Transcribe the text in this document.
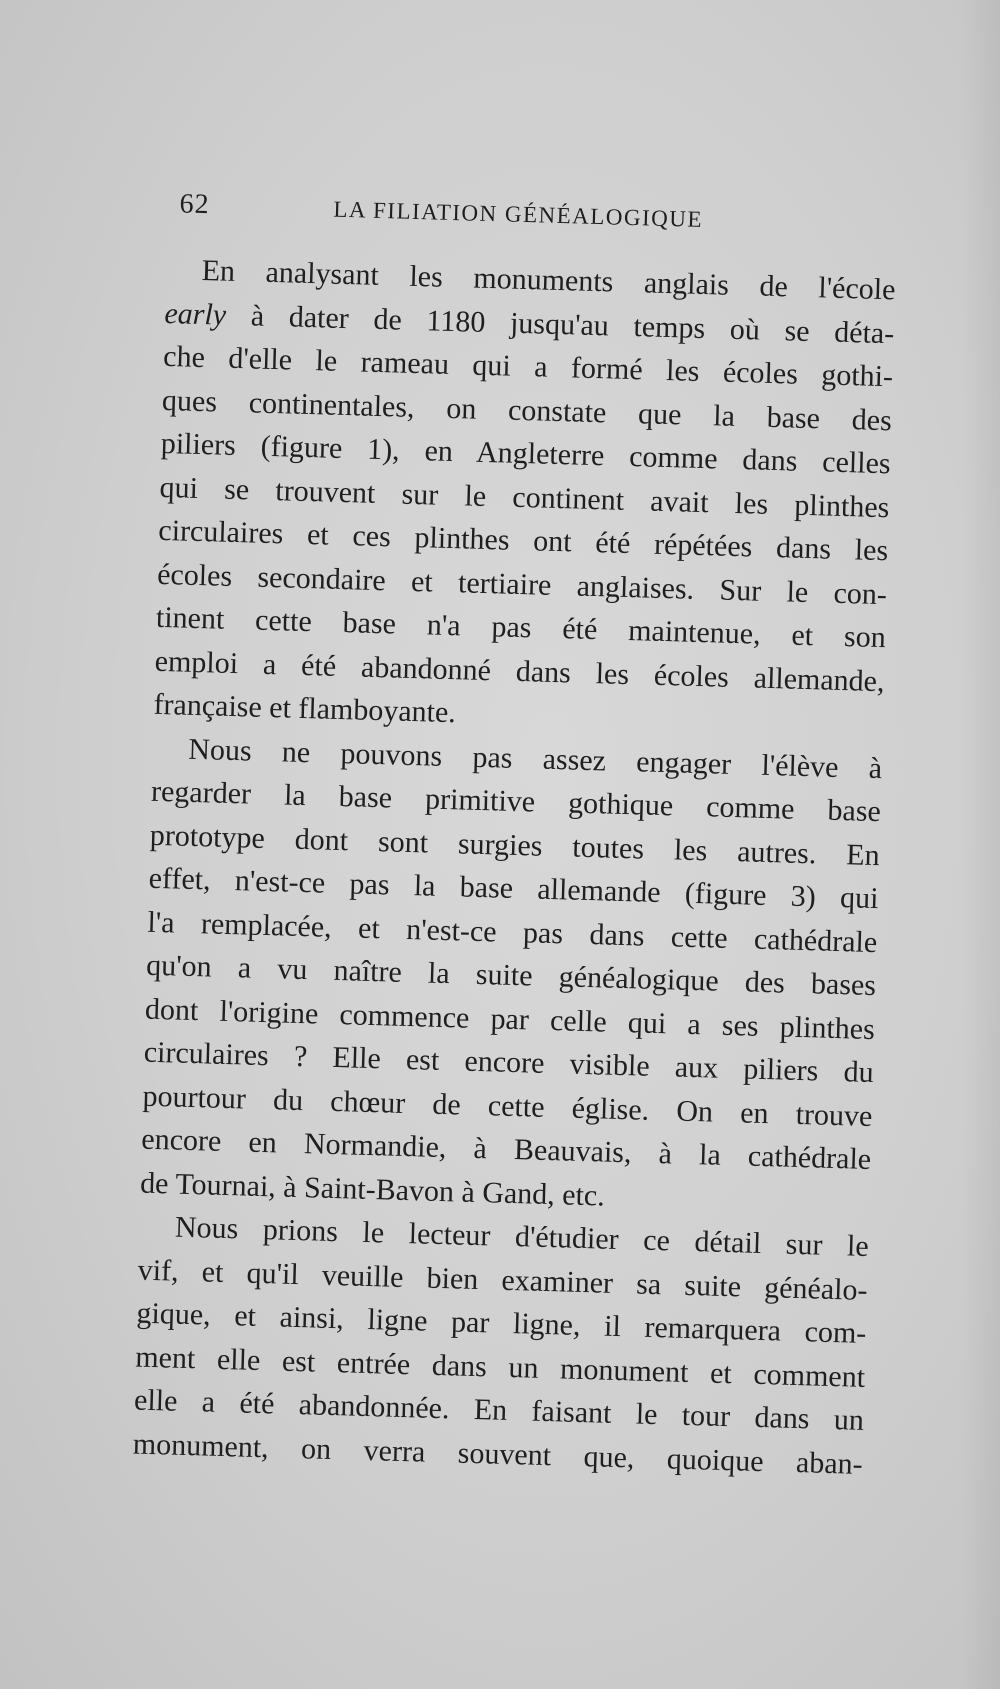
62	LA FILIATION GÉNÉALOGIQUE
En analysant les monuments anglais de l'école
early à dater de 1180 jusqu'au temps où se déta-
che d'elle le rameau qui a formé les écoles gothi-
ques continentales, on constate que la base des
piliers (figure 1), en Angleterre comme dans celles
qui se trouvent sur le continent avait les plinthes
circulaires et ces plinthes ont été répétées dans les
écoles secondaire et tertiaire anglaises. Sur le con-
tinent cette base n'a pas été maintenue, et son
emploi a été abandonné dans les écoles allemande,
française et flamboyante.
Nous ne pouvons pas assez engager l'élève à
regarder la base primitive gothique comme base
prototype dont sont surgies toutes les autres. En
effet, n'est-ce pas la base allemande (figure 3) qui
l'a remplacée, et n'est-ce pas dans cette cathédrale
qu'on a vu naître la suite généalogique des bases
dont l'origine commence par celle qui a ses plinthes
circulaires ? Elle est encore visible aux piliers du
pourtour du chœur de cette église. On en trouve
encore en Normandie, à Beauvais, à la cathédrale
de Tournai, à Saint-Bavon à Gand, etc.
Nous prions le lecteur d'étudier ce détail sur le
vif, et qu'il veuille bien examiner sa suite généalo-
gique, et ainsi, ligne par ligne, il remarquera com-
ment elle est entrée dans un monument et comment
elle a été abandonnée. En faisant le tour dans un
monument, on verra souvent que, quoique aban-
